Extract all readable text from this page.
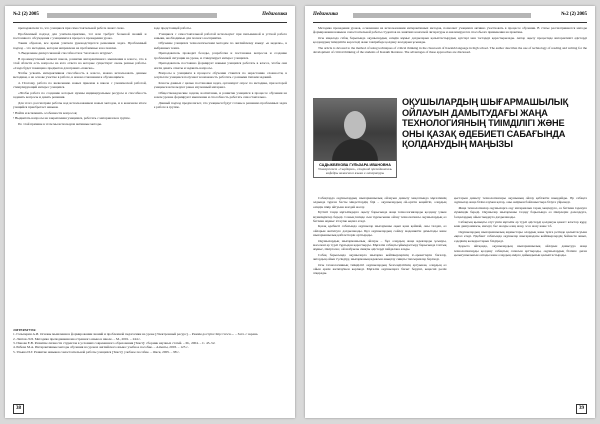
№2 (2) 2005	Педагогика

преподавателя то, что учащиеся при самостоятельной работе знают свою.

Проблемный подход для учителя-практика, тот или требует большой знаний и постоянного обсуждения с учащимися в процессе проведения урока.

Таким образом, все время учителя руководствуется решением задач. Проблемный подход – это методика, которая направлена на проблемные и на поиски.

3. Выделение дискуссионной способности и "мозгового штурма".

В промежуточный момент школа, развитие интерактивного мышления в классе, что в этой области есть вопросы на кэто ответа на которые существует очень разные работы. «Сюда будет помещено предметов для правил «поиска».

Чтобы усвоить интерактивная способность в классе, можно использовать данные методики, а на основе участие в работе, в новом отношении к обучающимся.

4. Поэтому, работа по включению новых приемов в школе с ученической работой, стимулирующий интерес учащихся.

«Чтобы работа по созданию которых нужны индивидуальные ресурсы и способность задавать вопросы и давать решения.

Для этого рассмотрим работы над использованием новых методов, и в конечном итоге учащийся приобретает навыки.

• Найти и вспомнить особенности вопросов;

• Выдвигать вопросы на закрепления учащимся, работать с материалом в группе.

По этой причине в этом мы используем активные методы.

ходе предстоящей работы.

Учащиеся с самостоятельной работой используют при письменной и устной работе навыки, необходимые для полного восприятия.

Обучение учащихся технологическим методам по английскому языку: «в неделю», в выбранных темах.

Преподаватель проводит беседы, разработка и постановка вопросов и создание проблемной ситуации на уроке, и стимулирует интерес учащихся.

Преподаватель постоянно формирует навыки учащихся работать в классе, чтобы они могли давать ответы и задавать вопросы.

Вопросы к учащимся в процессе обучения ставятся по нарастанию сложности, в результате учащиеся получают возможность работать с разными типами заданий.

Классы данных с целью постановки задач, организует опрос по методике, при которой учащиеся используют ранее изученный материал.

Обществоведческие задачи, воспитание, и развитие учащихся в процессе обучения на новом уровне формируют мышление и способность работать самостоятельно.

Данный подход предполагает, что учащиеся будут готовы к решению проблемных задач и работе в группе.

ЛИТЕРАТУРА:

1. Гальперин А.И. Основы мышления в формировании знаний и проблемной педагогики на уроке [Электронный ресурс]. – Режим доступа: http://www.... – Загл. с экрана.

2. Лаптев Л.П. Методика преподавания иностранного языка в школе. – М., 2001. – 244 с.

3. Панова Е.В. Развитие личности студентов в условиях современного образования [Текст]: сборник научных статей. – М., 2004. – С. 45–52.

4. Рябова М.А. Интерактивные методы обучения на уроках английского языка: учебное пособие. – Алматы, 2003. – 125 с.

5. Ульяна И.Г. Развитие навыков самостоятельной работы учащихся [Текст]: учебное пособие. – Омск, 2005. – 98 с.

38
Педагогика	№2 (2) 2005

Методика проведения уроков, основанная на использовании интерактивных методов, позволяет учащимся активно участвовать в процессе обучения. В статье рассматриваются методы формирования навыков самостоятельной работы студентов на занятиях казахской литературы и анализируются способы их применения на практике.

Осы мақалада сабақ барысында оқушылардың өзіндік жұмыс дағдыларын қалыптастырудың әдістері мен тәсілдері қарастырылады. Автор оқыту процесінде интерактивті әдістерді қолданудың тиімділігін көрсетеді және тәжірибеде қолдану жолдарын ұсынады.

The article is devoted to the method of using techniques of critical thinking in the classroom of Kazakh language in high school. The author describes the use of technology of reading and writing for the development of critical thinking of the students of Kazakh literature. The advantages of these approaches are discussed.

САДЫКБЕКОВА ГУЛЬЗАРА ИВАНОВНА
Университет «Сырдария», старший преподаватель кафедры казахского языка и литературы
ОҚУШЫЛАРДЫҢ ШЫҒАРМАШЫЛЫҚ ОЙЛАУЫН ДАМЫТУДАҒЫ ЖАҢА ТЕХНОЛОГИЯНЫҢ ТИІМДІЛІГІ ЖӘНЕ ОНЫ ҚАЗАҚ ӘДЕБИЕТІ САБАҒЫНДА ҚОЛДАНУДЫҢ МАҢЫЗЫ

Сабақтарда оқушылардың шығармашылық ойлауын дамыту мақсатында мұғалімнің алдында тұрған басты міндеттердің бірі – оқушылардың ой-өрісін кеңейтіп, олардың өзіндік пікір айтуына жағдай жасау.

Бүгінгі таңда мұғалімдерге оқыту барысында жаңа технологияларды қолдану үлкен мүмкіндіктер береді. Соның ішінде сын тұрғысынан ойлау технологиясы оқушылардың өз бетімен жұмыс істеуіне ықпал етеді.

Қазақ әдебиеті сабағында оқушылар шығарманы оқып қана қоймай, оны талдап, өз ойларын жеткізуге дағдыланады. Бұл оқушылардың сөйлеу мәдениетін дамытады және шығармашылық қабілеттерін арттырады.

Оқушылардың шығармашылық ойлауы – бұл олардың жаңа идеяларды ұсынуы, мәселені әр түрлі тұрғыдан қарастыруы. Мұғалім сабақты ұйымдастыру барысында топтық жұмыс, пікірталас, ой шабуылы сияқты әдістерді пайдалана алады.

Сабақ барысында оқушыларға шығарма кейіпкерлерінің іс-әрекеттерін бағалау, автордың ойын түсіндіру, шығарманың идеясын анықтау сияқты тапсырмалар беріледі.

Осы технологияның тиімділігі оқушылардың белсенділігінің артуынан, олардың өз ойын еркін жеткізуінен көрінеді. Мұғалім оқушыларға бағыт беруші, кеңесші рөлін атқарады.

қыстарын дамыту технологиялары оқушының ойлау қабілетін шыңдайды. Әр сабақта оқушылар жаңа білім алумен қатар, оны өмірмен байланыстыра білуге үйренеді.

Жаңа технологиялар оқушыларға оқу материалын терең меңгеруге, өз бетімен ізденуге мүмкіндік береді. Оқушылар шығарманы талдау барысында өз пікірлерін дәлелдеуге, басқалардың ойын тыңдауға дағдыланады.

Сабақтың қызықты өтуі үшін мұғалім әр түрлі әдістерді қолдануы қажет: кластер құру, венн диаграммасы, инсерт, бес жолды өлең жазу, эссе жазу және т.б.

Оқушылардың шығармашылық жұмыстары олардың жеке тұлға ретінде қалыптасуына ықпал етеді. Әдебиет сабағында оқушылар шығармадағы кейіпкерлердің бейнесін ашып, өздерінің көзқарастарын білдіреді.

Қорыта айтқанда, оқушылардың шығармашылық ойлауын дамытуда жаңа технологияларды қолдану сабақтың сапасын арттырады, оқушылардың білімге деген қызығушылығын оятады және олардың өмірге дайындығын қалыптастырады.

39
